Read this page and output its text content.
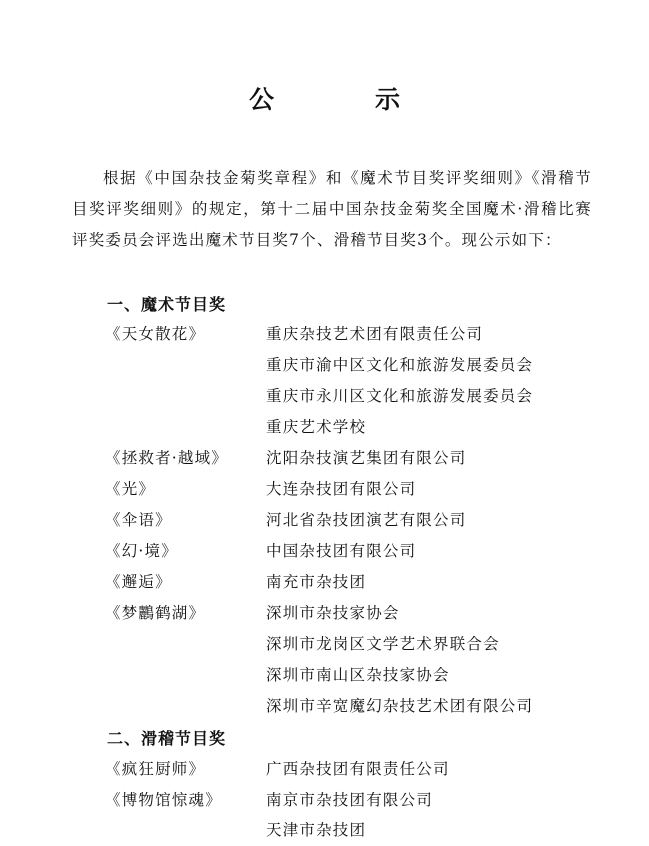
公　示
根据《中国杂技金菊奖章程》和《魔术节目奖评奖细则》《滑稽节目奖评奖细则》的规定，第十二届中国杂技金菊奖全国魔术·滑稽比赛评奖委员会评选出魔术节目奖7个、滑稽节目奖3个。现公示如下：
一、魔术节目奖
《天女散花》	重庆杂技艺术团有限责任公司
重庆市渝中区文化和旅游发展委员会
重庆市永川区文化和旅游发展委员会
重庆艺术学校
《拯救者·越域》 沈阳杂技演艺集团有限公司
《光》	大连杂技团有限公司
《伞语》	河北省杂技团演艺有限公司
《幻·境》	中国杂技团有限公司
《邂逅》	南充市杂技团
《梦鸝鹤湖》	深圳市杂技家协会
深圳市龙岗区文学艺术界联合会
深圳市南山区杂技家协会
深圳市辛宽魔幻杂技艺术团有限公司
二、滑稽节目奖
《疯狂厨师》	广西杂技团有限责任公司
《博物馆惊魂》	南京市杂技团有限公司
天津市杂技团
